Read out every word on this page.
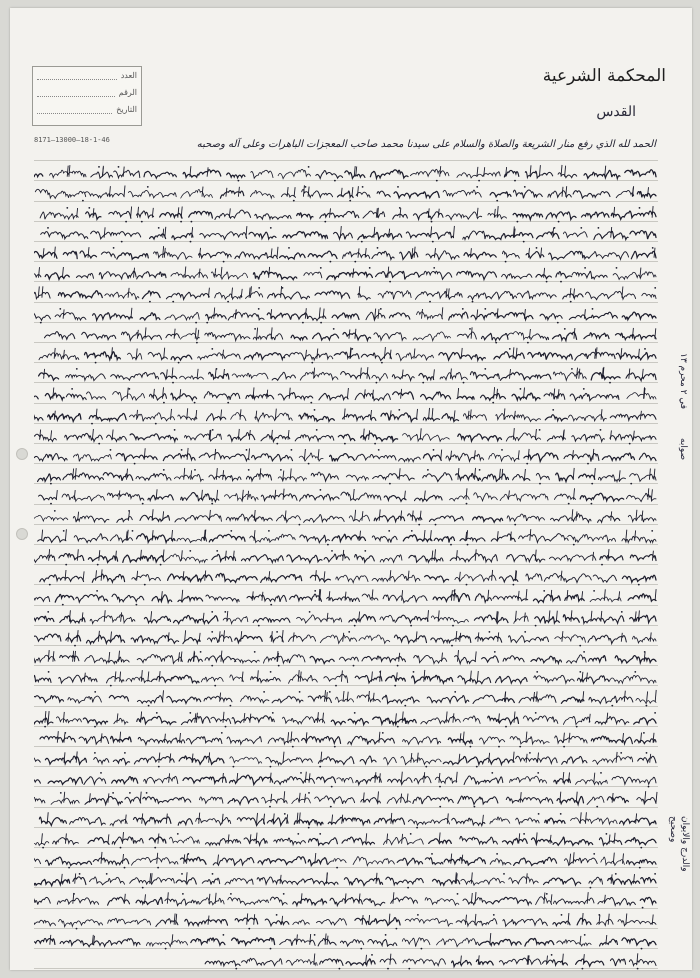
العدد
الرقم
التاريخ
8171—13000—18-1-46
المحكمة الشرعية
القدس
الحمد لله الذي رفع منار الشريعة والصلاة والسلام على سيدنا محمد صاحب المعجزات الباهرات وعلى آله وصحبه
في ٢ محرم ١٣
صوابه
وصحيح والدرج والايوان
